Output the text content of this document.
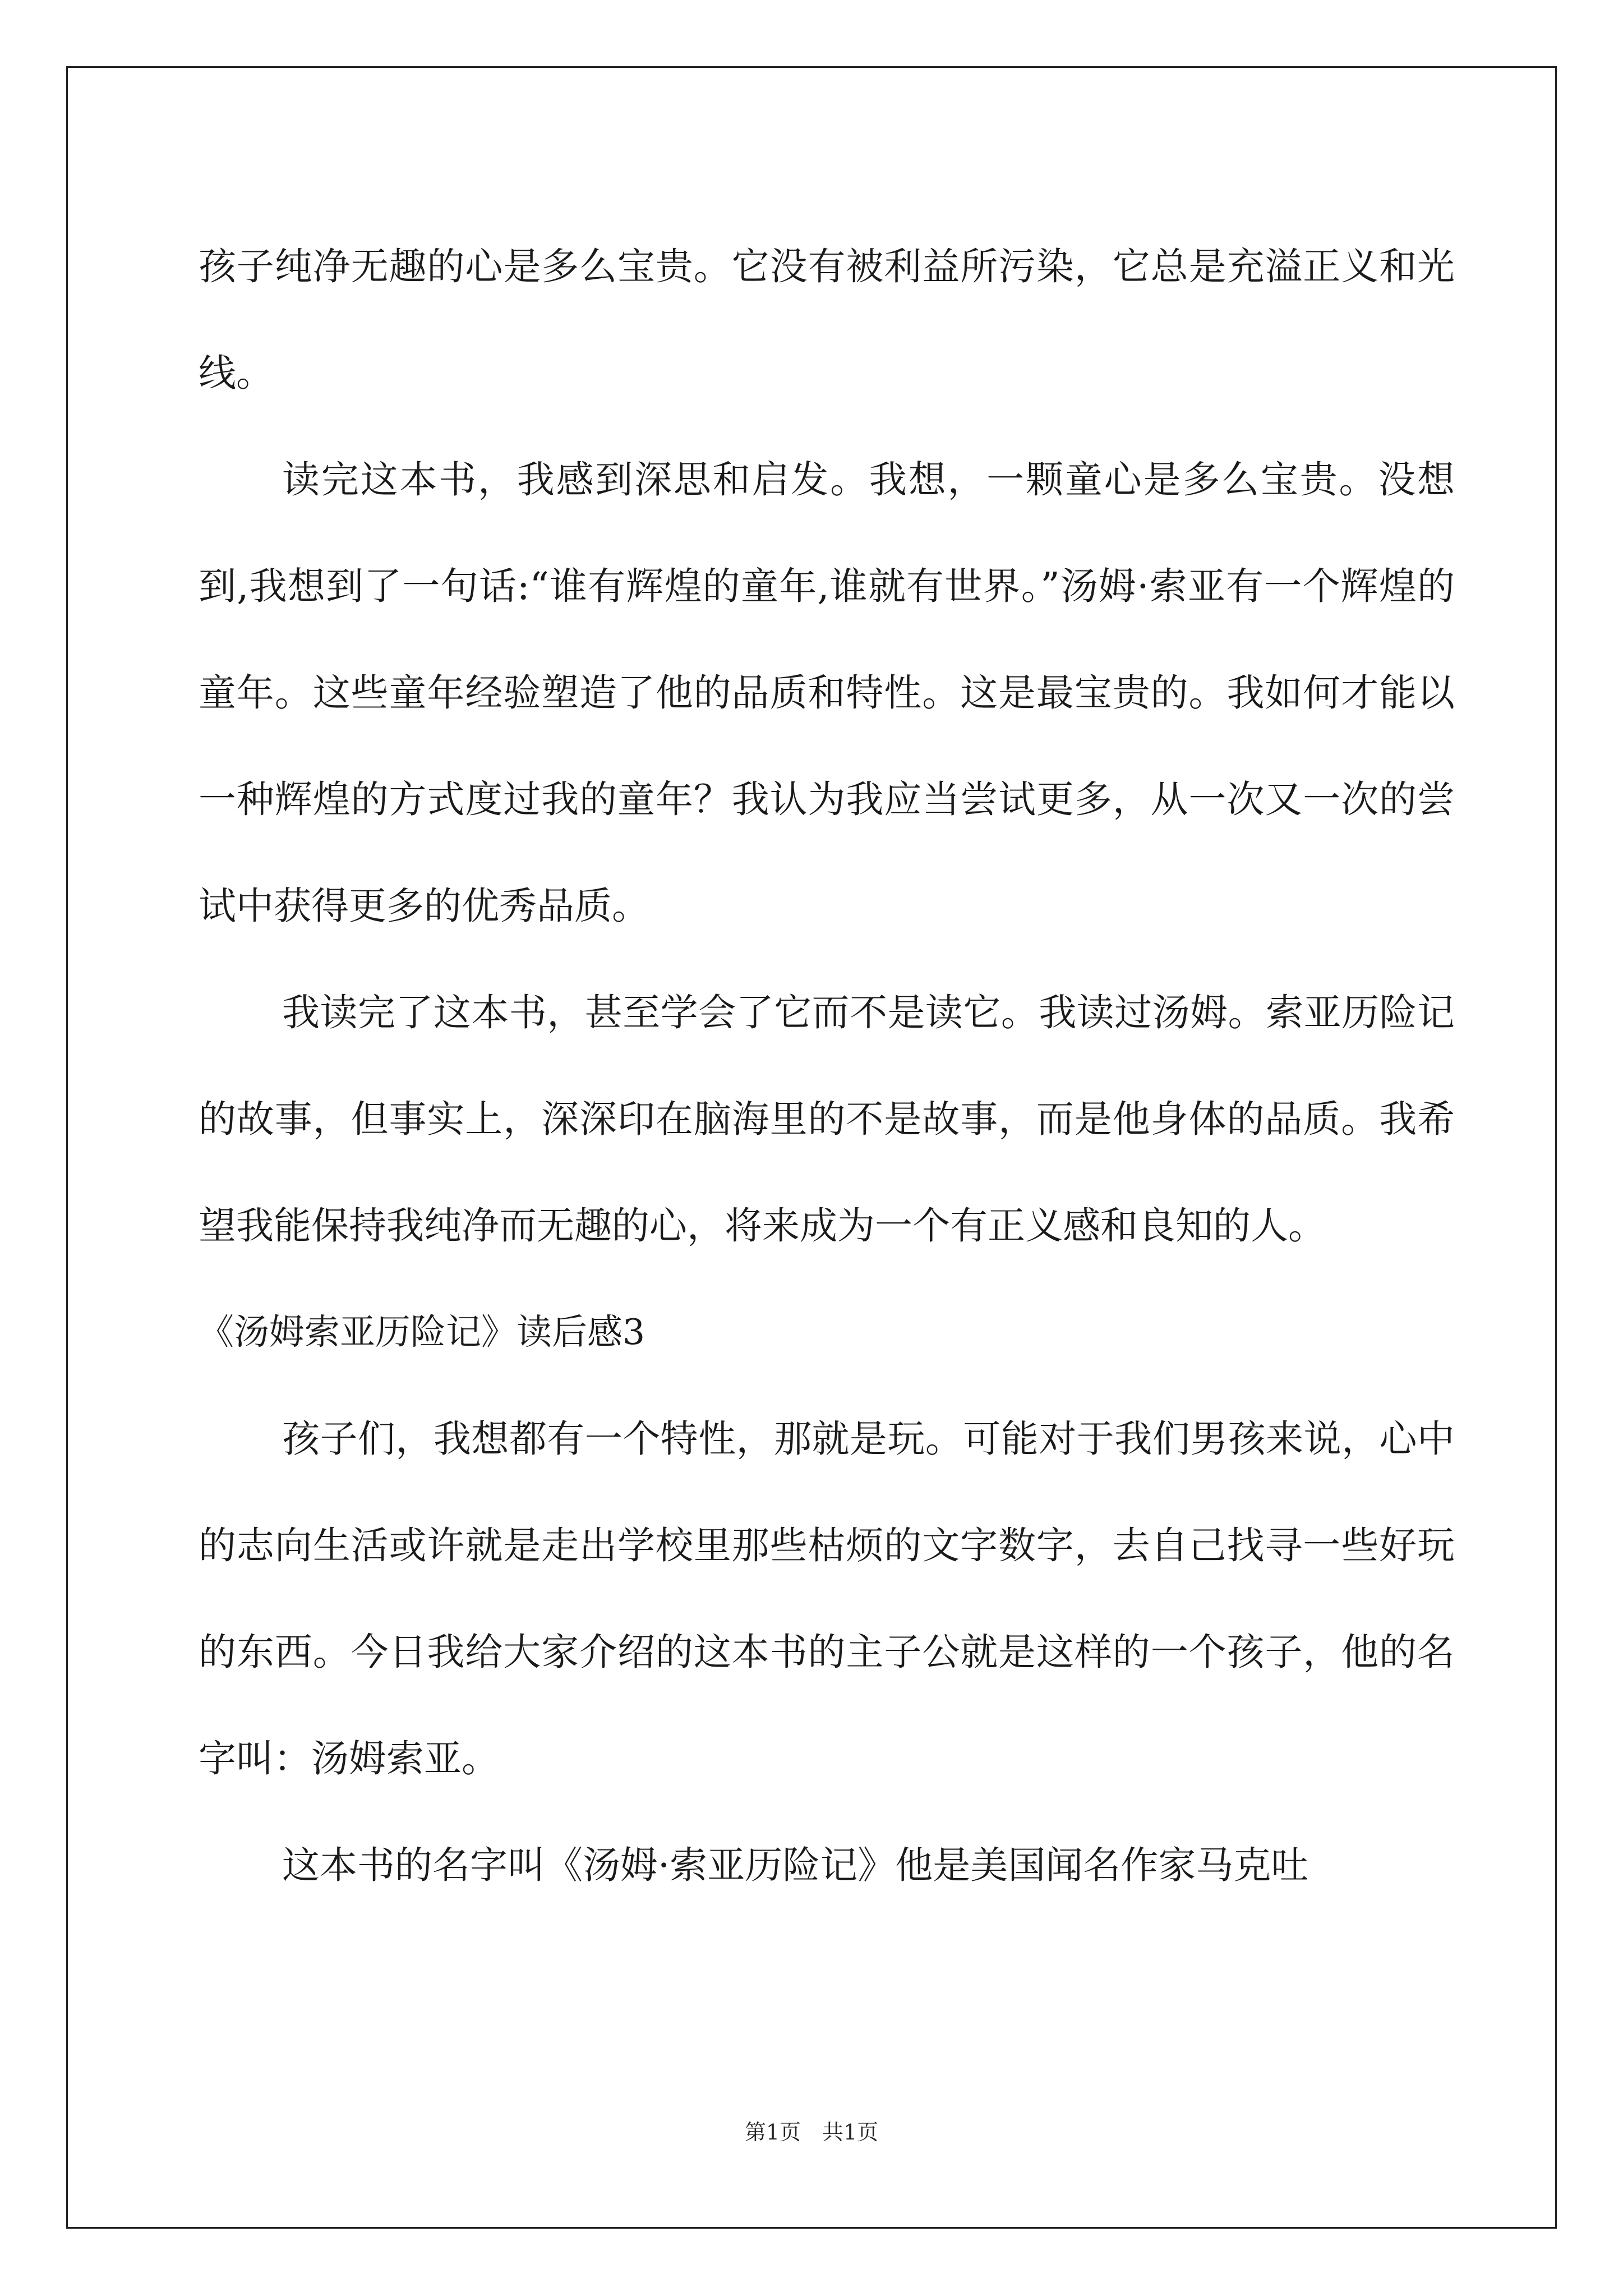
孩子纯净无趣的心是多么宝贵。它没有被利益所污染，它总是充溢正义和光线。

读完这本书，我感到深思和启发。我想，一颗童心是多么宝贵。没想到,我想到了一句话:“谁有辉煌的童年,谁就有世界。”汤姆·索亚有一个辉煌的童年。这些童年经验塑造了他的品质和特性。这是最宝贵的。我如何才能以一种辉煌的方式度过我的童年？我认为我应当尝试更多，从一次又一次的尝试中获得更多的优秀品质。

我读完了这本书，甚至学会了它而不是读它。我读过汤姆。索亚历险记的故事，但事实上，深深印在脑海里的不是故事，而是他身体的品质。我希望我能保持我纯净而无趣的心，将来成为一个有正义感和良知的人。

《汤姆索亚历险记》读后感3

孩子们，我想都有一个特性，那就是玩。可能对于我们男孩来说，心中的志向生活或许就是走出学校里那些枯烦的文字数字，去自己找寻一些好玩的东西。今日我给大家介绍的这本书的主子公就是这样的一个孩子，他的名字叫：汤姆索亚。

这本书的名字叫《汤姆·索亚历险记》他是美国闻名作家马克吐

第1页　共1页
